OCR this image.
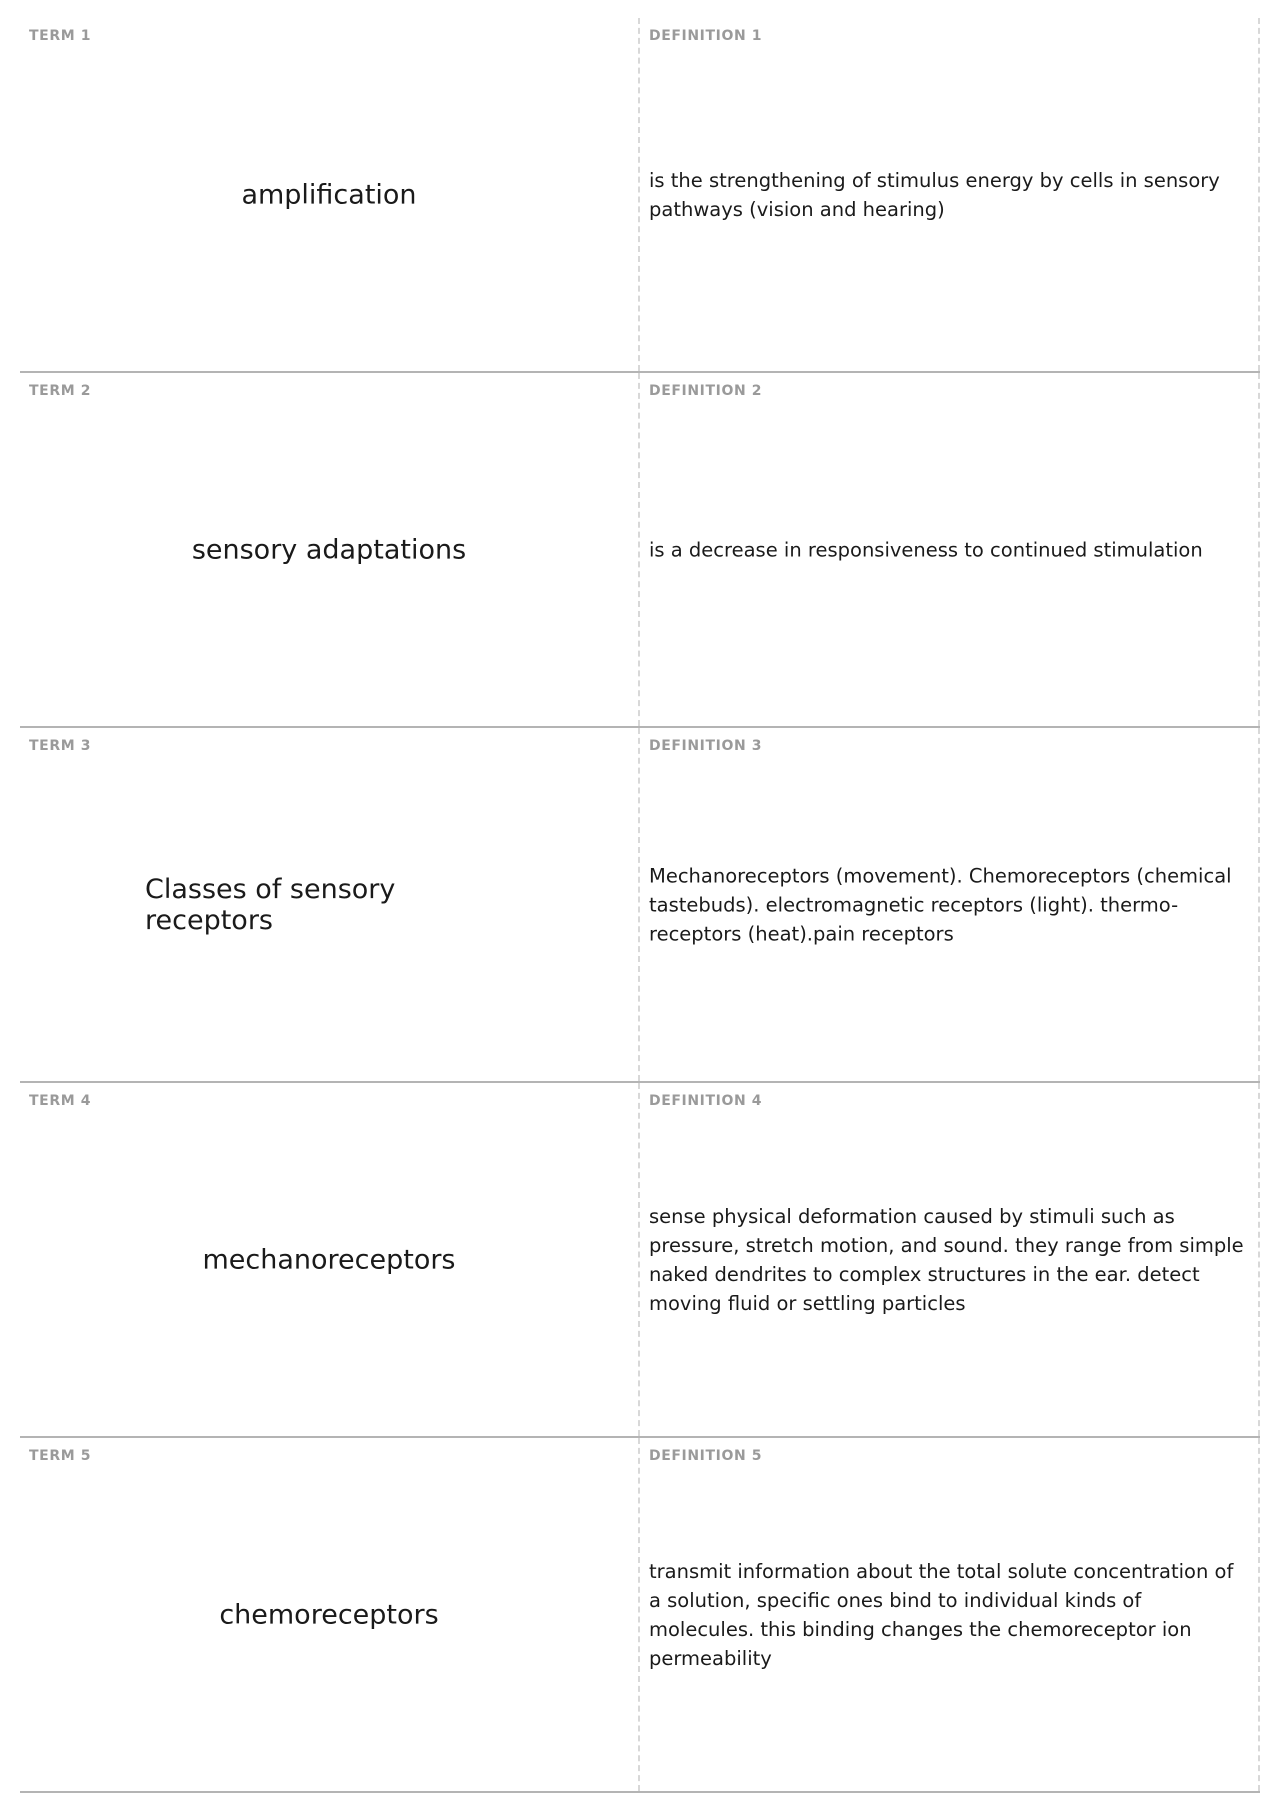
TERM 1
amplification
DEFINITION 1
is the strengthening of stimulus energy by cells in sensory pathways (vision and hearing)
TERM 2
sensory adaptations
DEFINITION 2
is a decrease in responsiveness to continued stimulation
TERM 3
Classes of sensory receptors
DEFINITION 3
Mechanoreceptors (movement). Chemoreceptors (chemical tastebuds). electromagnetic receptors (light). thermo-receptors (heat).pain receptors
TERM 4
mechanoreceptors
DEFINITION 4
sense physical deformation caused by stimuli such as pressure, stretch motion, and sound. they range from simple naked dendrites to complex structures in the ear. detect moving fluid or settling particles
TERM 5
chemoreceptors
DEFINITION 5
transmit information about the total solute concentration of a solution, specific ones bind to individual kinds of molecules. this binding changes the chemoreceptor ion permeability
